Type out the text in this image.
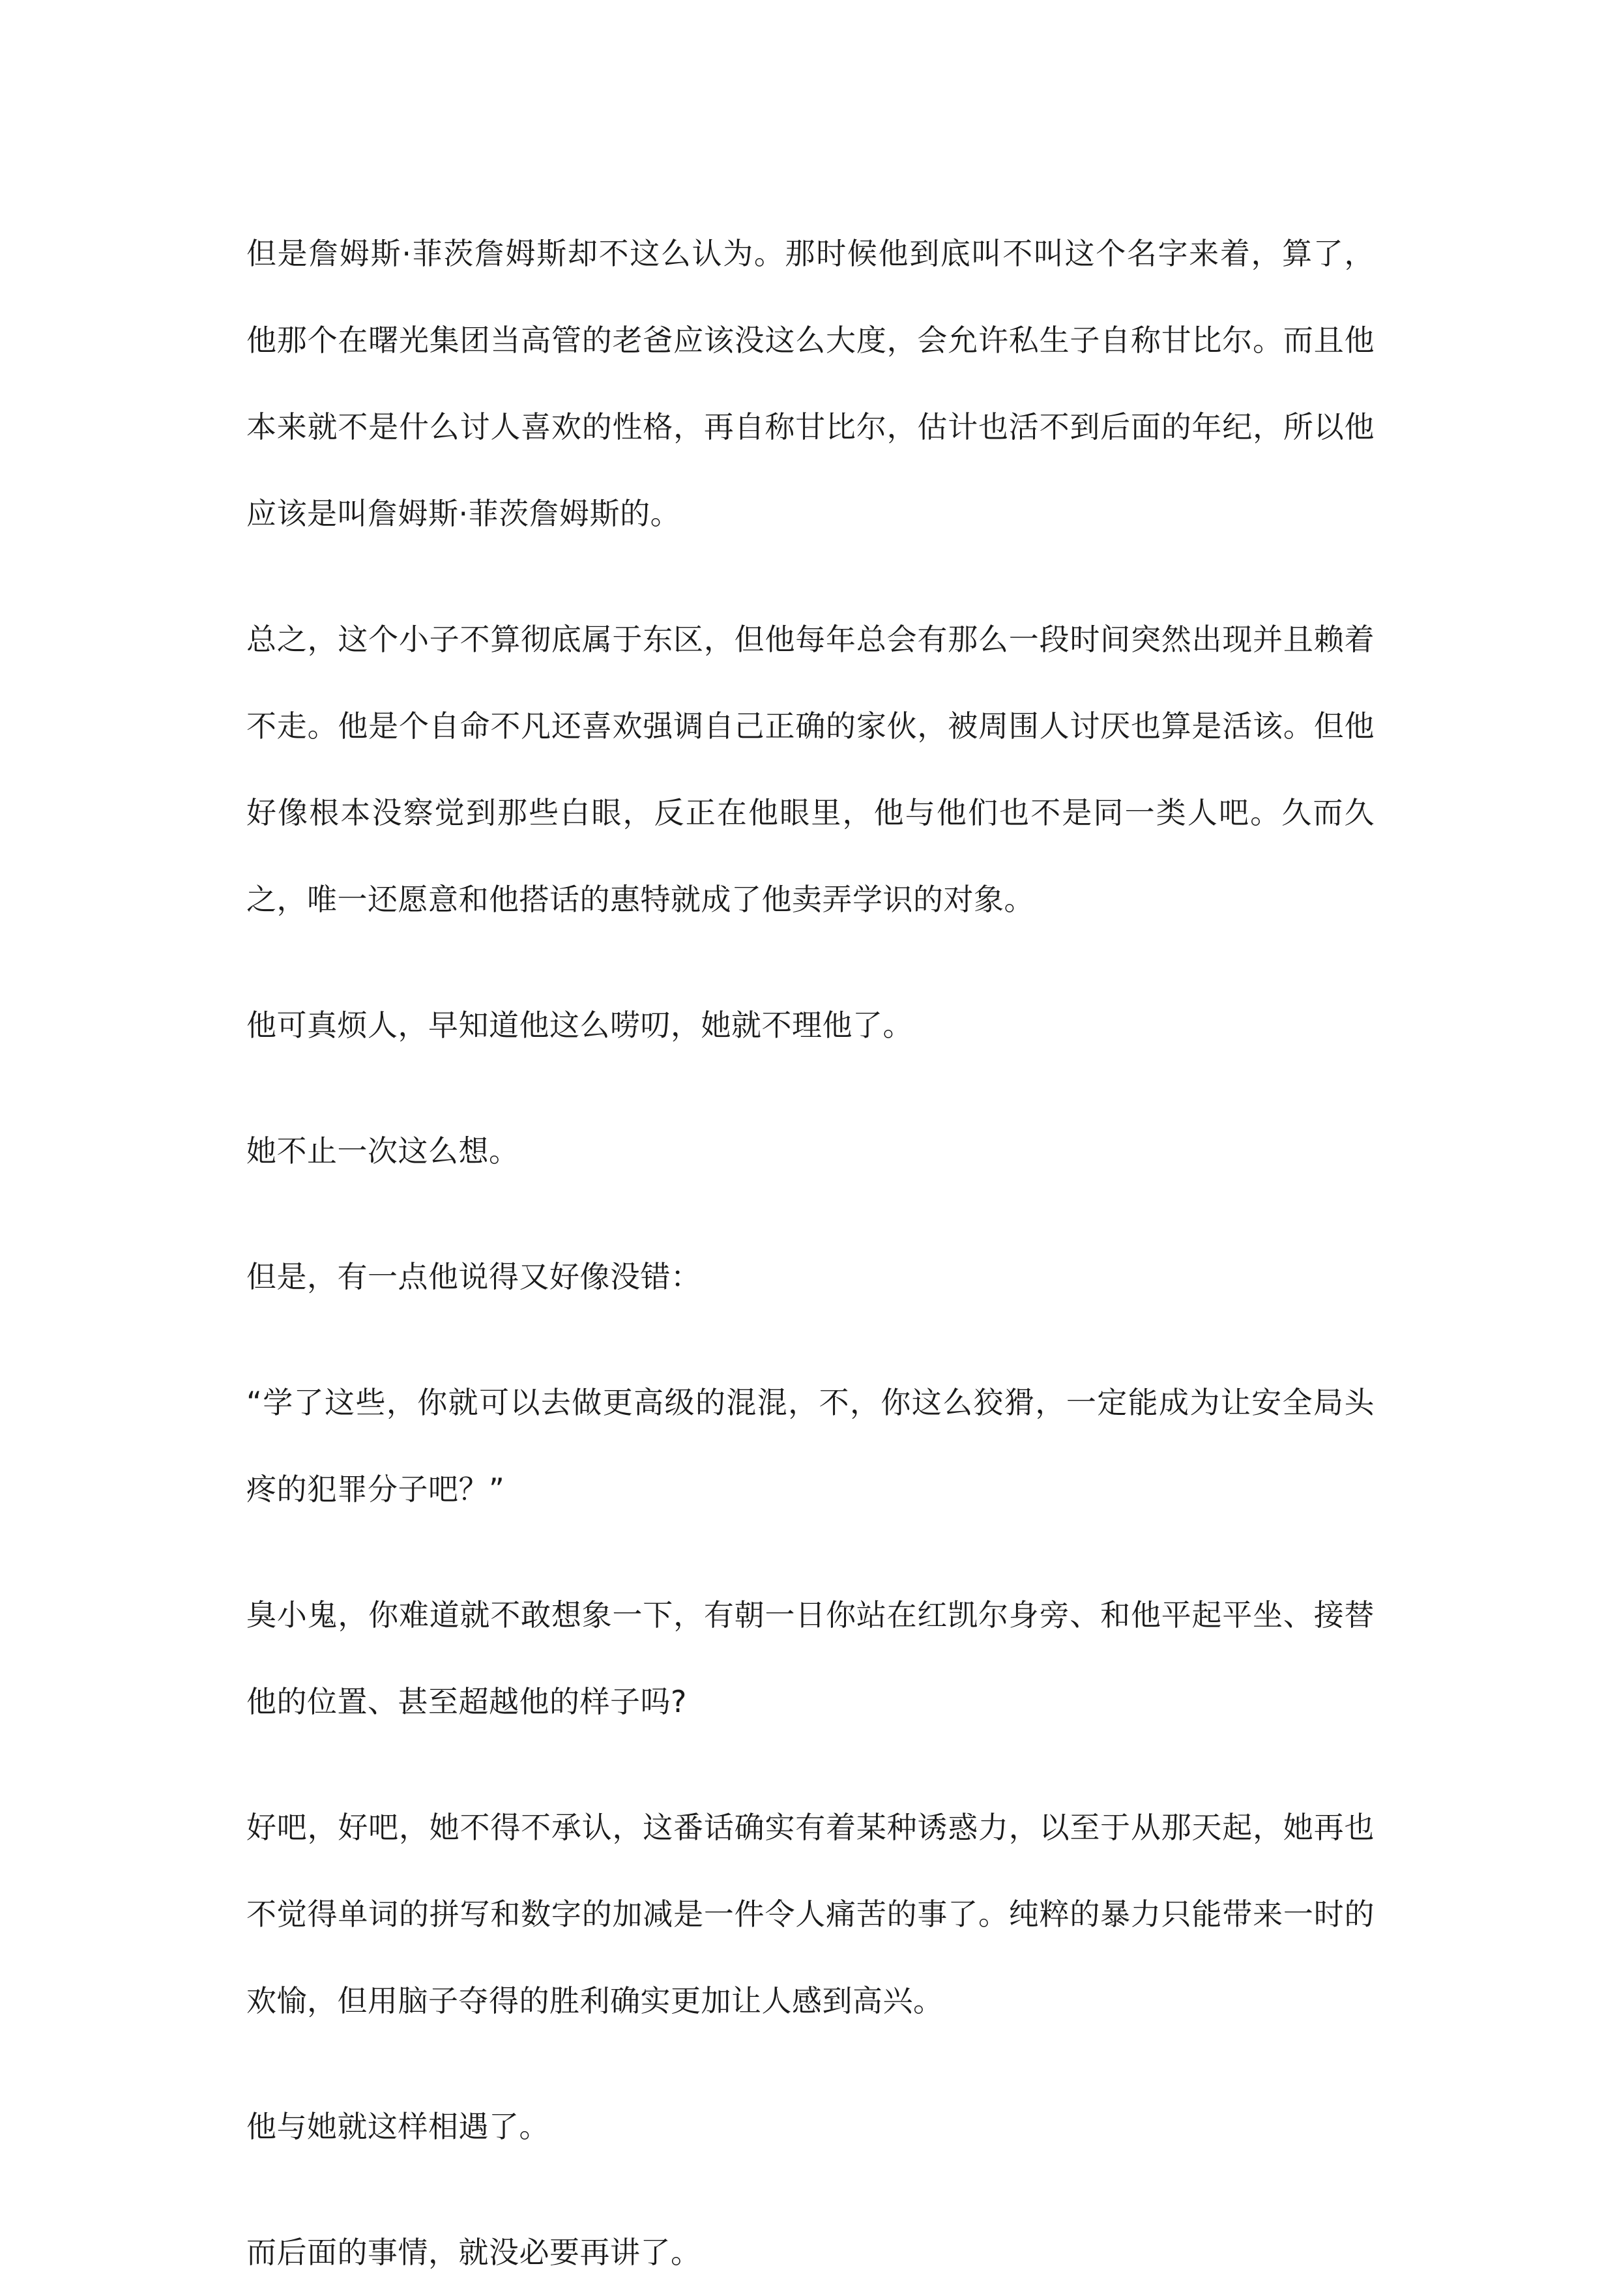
但是詹姆斯·菲茨詹姆斯却不这么认为。那时候他到底叫不叫这个名字来着，算了，他那个在曙光集团当高管的老爸应该没这么大度，会允许私生子自称甘比尔。而且他本来就不是什么讨人喜欢的性格，再自称甘比尔，估计也活不到后面的年纪，所以他应该是叫詹姆斯·菲茨詹姆斯的。

总之，这个小子不算彻底属于东区，但他每年总会有那么一段时间突然出现并且赖着不走。他是个自命不凡还喜欢强调自己正确的家伙，被周围人讨厌也算是活该。但他好像根本没察觉到那些白眼，反正在他眼里，他与他们也不是同一类人吧。久而久之，唯一还愿意和他搭话的惠特就成了他卖弄学识的对象。

他可真烦人，早知道他这么唠叨，她就不理他了。

她不止一次这么想。

但是，有一点他说得又好像没错：

“学了这些，你就可以去做更高级的混混，不，你这么狡猾，一定能成为让安全局头疼的犯罪分子吧？”

臭小鬼，你难道就不敢想象一下，有朝一日你站在红凯尔身旁、和他平起平坐、接替他的位置、甚至超越他的样子吗?

好吧，好吧，她不得不承认，这番话确实有着某种诱惑力，以至于从那天起，她再也不觉得单词的拼写和数字的加减是一件令人痛苦的事了。纯粹的暴力只能带来一时的欢愉，但用脑子夺得的胜利确实更加让人感到高兴。

他与她就这样相遇了。

而后面的事情，就没必要再讲了。
